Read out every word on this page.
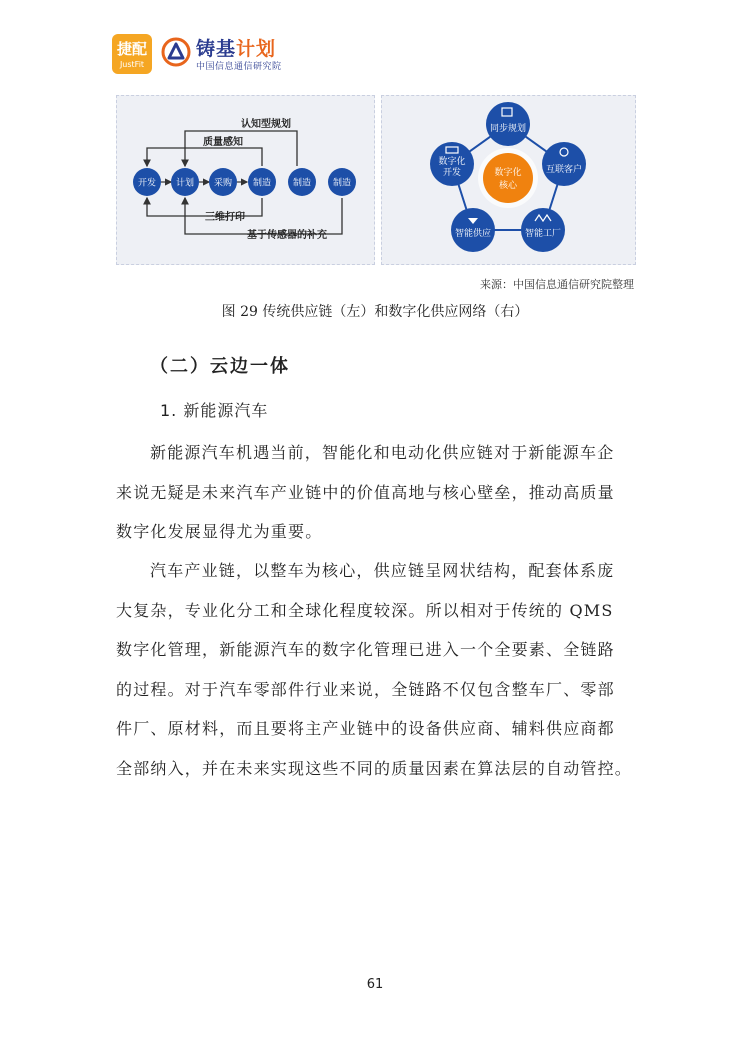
捷配
JustFit
铸基计划
中国信息通信研究院
开发 计划 采购 制造 制造 制造
认知型规划
质量感知
三维打印
基于传感器的补充
同步规划
互联客户
智能工厂
智能供应
数字化
开发	数字化
核心
来源：中国信息通信研究院整理
图 29 传统供应链（左）和数字化供应网络（右）
（二）云边一体
1. 新能源汽车
新能源汽车机遇当前，智能化和电动化供应链对于新能源车企
来说无疑是未来汽车产业链中的价值高地与核心壁垒，推动高质量
数字化发展显得尤为重要。
汽车产业链，以整车为核心，供应链呈网状结构，配套体系庞
大复杂，专业化分工和全球化程度较深。所以相对于传统的 QMS
数字化管理，新能源汽车的数字化管理已进入一个全要素、全链路
的过程。对于汽车零部件行业来说，全链路不仅包含整车厂、零部
件厂、原材料，而且要将主产业链中的设备供应商、辅料供应商都
全部纳入，并在未来实现这些不同的质量因素在算法层的自动管控。
61
